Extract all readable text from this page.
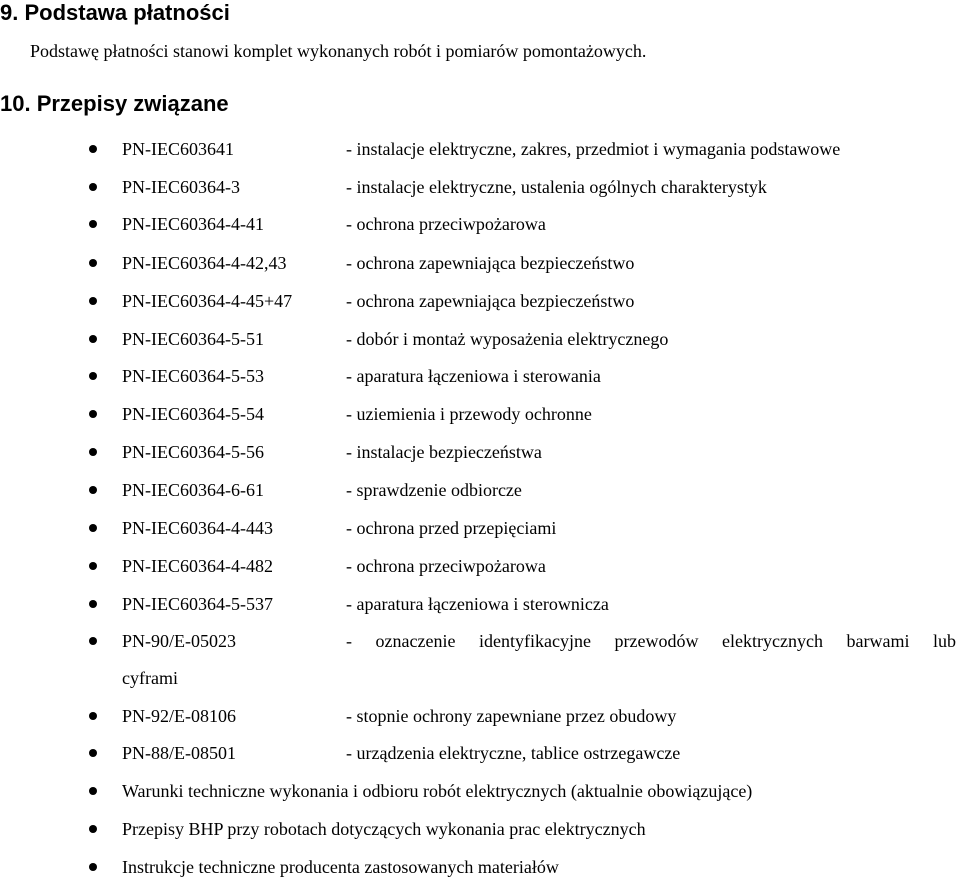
9. Podstawa płatności

Podstawę płatności stanowi komplet wykonanych robót i pomiarów pomontażowych.

10. Przepisy związane
PN-IEC603641	- instalacje elektryczne, zakres, przedmiot i wymagania podstawowe
PN-IEC60364-3	- instalacje elektryczne, ustalenia ogólnych charakterystyk
PN-IEC60364-4-41	- ochrona przeciwpożarowa
PN-IEC60364-4-42,43	- ochrona zapewniająca bezpieczeństwo
PN-IEC60364-4-45+47	- ochrona zapewniająca bezpieczeństwo
PN-IEC60364-5-51	- dobór i montaż wyposażenia elektrycznego
PN-IEC60364-5-53	- aparatura łączeniowa i sterowania
PN-IEC60364-5-54	- uziemienia i przewody ochronne
PN-IEC60364-5-56	- instalacje bezpieczeństwa
PN-IEC60364-6-61	- sprawdzenie odbiorcze
PN-IEC60364-4-443	- ochrona przed przepięciami
PN-IEC60364-4-482	- ochrona przeciwpożarowa
PN-IEC60364-5-537	- aparatura łączeniowa i sterownicza
PN-90/E-05023	- oznaczenie identyfikacyjne przewodów elektrycznych barwami lub
cyframi
PN-92/E-08106	- stopnie ochrony zapewniane przez obudowy
PN-88/E-08501	- urządzenia elektryczne, tablice ostrzegawcze
Warunki techniczne wykonania i odbioru robót elektrycznych (aktualnie obowiązujące)
Przepisy BHP przy robotach dotyczących wykonania prac elektrycznych
Instrukcje techniczne producenta zastosowanych materiałów
